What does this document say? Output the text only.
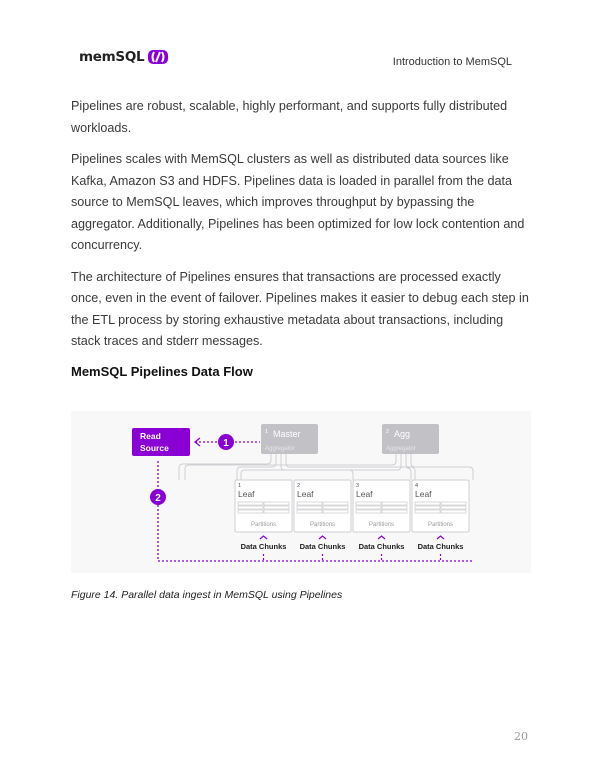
memSQL	Introduction to MemSQL

Pipelines are robust, scalable, highly performant, and supports fully distributed workloads.

Pipelines scales with MemSQL clusters as well as distributed data sources like Kafka, Amazon S3 and HDFS. Pipelines data is loaded in parallel from the data source to MemSQL leaves, which improves throughput by bypassing the aggregator. Additionally, Pipelines has been optimized for low lock contention and concurrency.

The architecture of Pipelines ensures that transactions are processed exactly once, even in the event of failover. Pipelines makes it easier to debug each step in the ETL process by storing exhaustive metadata about transactions, including stack traces and stderr messages.

MemSQL Pipelines Data Flow
Read
Source	1
2
1 Master
Aggregator
2 Agg
Aggregator
1
Leaf
Partitions
Data Chunks
2
Leaf
Partitions
Data Chunks
3
Leaf
Partitions
Data Chunks
4
Leaf
Partitions
Data Chunks
Figure 14. Parallel data ingest in MemSQL using Pipelines
20
